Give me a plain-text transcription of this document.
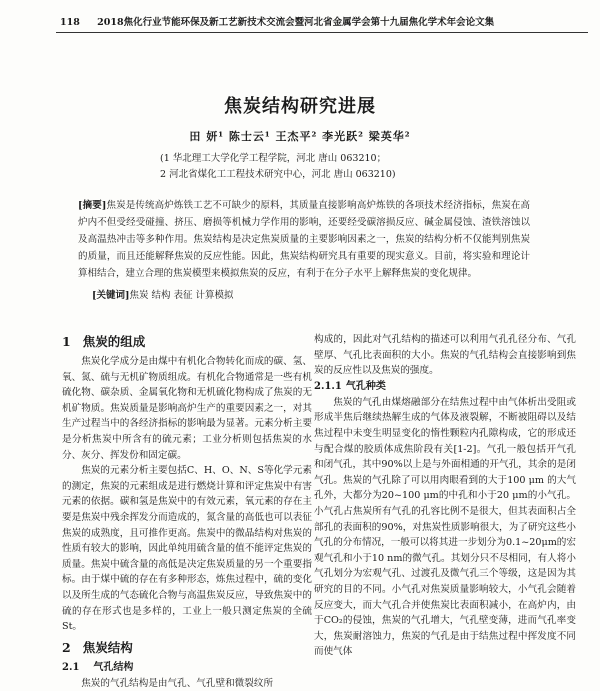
118 2018焦化行业节能环保及新工艺新技术交流会暨河北省金属学会第十九届焦化学术年会论文集
焦炭结构研究进展
田 妍¹ 陈士云¹ 王杰平² 李光跃² 梁英华²
(1 华北理工大学化学工程学院，河北 唐山 063210；
2 河北省煤化工工程技术研究中心，河北 唐山 063210)
[摘要]焦炭是传统高炉炼铁工艺不可缺少的原料，其质量直接影响高炉炼铁的各项技术经济指标，焦炭在高炉内不但受经受碰撞、挤压、磨损等机械力学作用的影响，还要经受碳溶损反应、碱金属侵蚀、渣铁溶蚀以及高温热冲击等多种作用。焦炭结构是决定焦炭质量的主要影响因素之一，焦炭的结构分析不仅能判别焦炭的质量，而且还能解释焦炭的反应性能。因此，焦炭结构研究具有重要的现实意义。目前，将实验和理论计算相结合，建立合理的焦炭模型来模拟焦炭的反应，有利于在分子水平上解释焦炭的变化规律。
[关键词]焦炭 结构 表征 计算模拟
1 焦炭的组成

焦炭化学成分是由煤中有机化合物转化而成的碳、氢、氧、氮、硫与无机矿物质组成。有机化合物通常是一些有机硫化物、碳杂质、金属氧化物和无机硫化物构成了焦炭的无机矿物质。焦炭质量是影响高炉生产的重要因素之一，对其生产过程当中的各经济指标的影响最为显著。元素分析主要是分析焦炭中所含有的硫元素；工业分析则包括焦炭的水分、灰分、挥发份和固定碳。

焦炭的元素分析主要包括C、H、O、N、S等化学元素的测定，焦炭的元素组成是进行燃烧计算和评定焦炭中有害元素的依据。碳和氢是焦炭中的有效元素，氧元素的存在主要是焦炭中残余挥发分而造成的，氮含量的高低也可以表征焦炭的成熟度，且可推作更高。焦炭中的微晶结构对焦炭的性质有较大的影响，因此单纯用硫含量的值不能评定焦炭的质量。焦炭中硫含量的高低是决定焦炭质量的另一个重要指标。由于煤中硫的存在有多种形态，炼焦过程中，硫的变化以及所生成的气态硫化合物与高温焦炭反应，导致焦炭中的硫的存在形式也是多样的，工业上一般只测定焦炭的全硫 St。

2 焦炭结构
2.1 气孔结构

焦炭的气孔结构是由气孔、气孔壁和微裂纹所

构成的，因此对气孔结构的描述可以利用气孔孔径分布、气孔壁厚、气孔比表面积的大小。焦炭的气孔结构会直接影响到焦炭的反应性以及焦炭的强度。

2.1.1 气孔种类

焦炭的气孔由煤熔融部分在结焦过程中由气体析出受阻或形成半焦后继续热解生成的气体及液裂解，不断被阻碍以及结焦过程中未变生明显变化的惰性颗粒内孔隙构成，它的形成还与配合煤的胶质体成焦阶段有关[1-2]。气孔一般包括开气孔和闭气孔，其中90%以上是与外面相通的开气孔，其余的是闭气孔。焦炭的气孔除了可以用肉眼看到的大于100 μm 的大气孔外，大都分为20~100 μm的中孔和小于20 μm的小气孔。小气孔占焦炭所有气孔的孔容比例不是很大，但其表面积占全部孔的表面积的90%，对焦炭性质影响很大，为了研究这些小气孔的分布情况，一般可以将其进一步划分为0.1~20μm的宏观气孔和小于10 nm的微气孔。其划分只不尽相同，有人将小气孔划分为宏观气孔、过渡孔及微气孔三个等级，这是因为其研究的目的不同。小气孔对焦炭质量影响较大，小气孔会随着反应变大，而大气孔合并使焦炭比表面积减小，在高炉内，由于CO₂的侵蚀，焦炭的气孔增大，气孔壁变薄，进而气孔率变大，焦炭耐溶蚀力，焦炭的气孔是由于结焦过程中挥发度不同而使气体
